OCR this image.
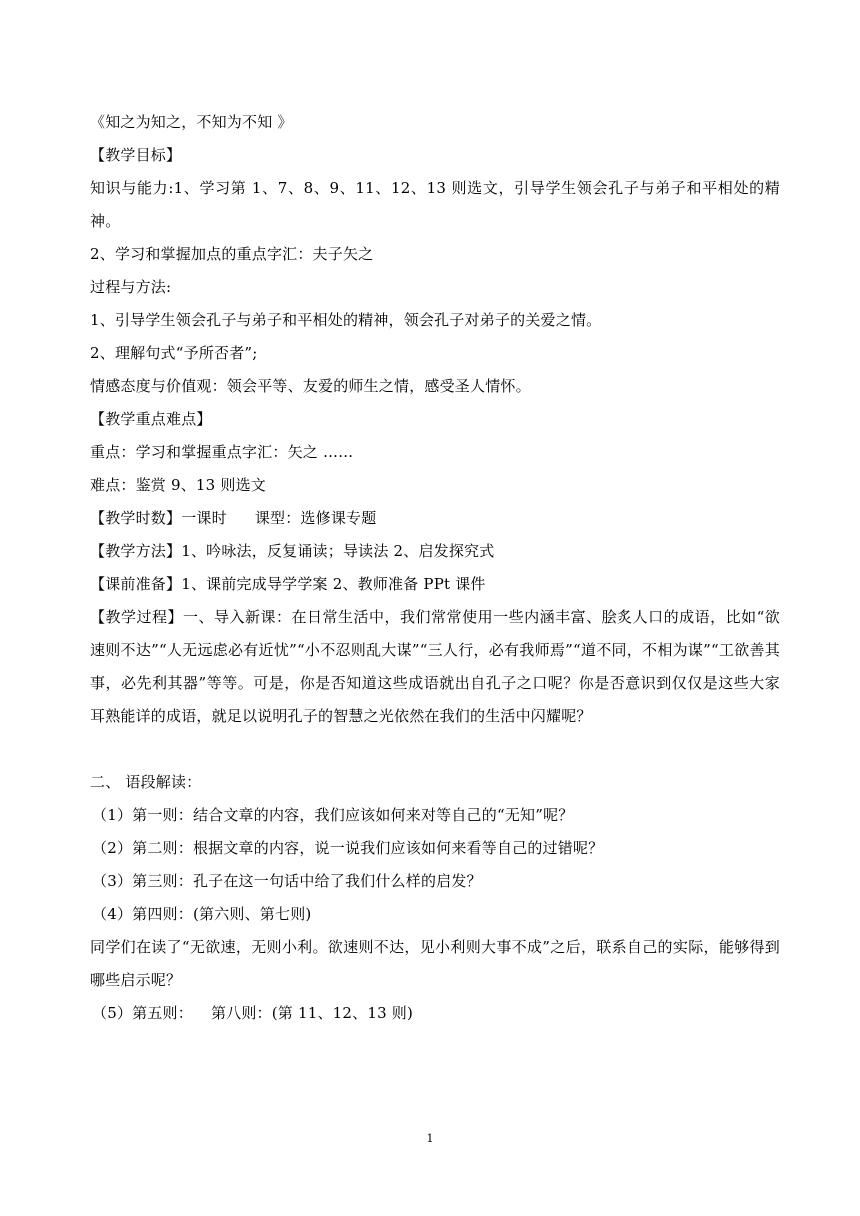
《知之为知之，不知为不知 》
【教学目标】
知识与能力:1、学习第 1、7、8、9、11、12、13 则选文，引导学生领会孔子与弟子和平相处的精神。
2、学习和掌握加点的重点字汇：夫子矢之
过程与方法:
1、引导学生领会孔子与弟子和平相处的精神，领会孔子对弟子的关爱之情。
2、理解句式“予所否者”;
情感态度与价值观：领会平等、友爱的师生之情，感受圣人情怀。
【教学重点难点】
重点：学习和掌握重点字汇：矢之 ……
难点：鉴赏 9、13 则选文
【教学时数】一课时 课型：选修课专题
【教学方法】1、吟咏法，反复诵读；导读法 2、启发探究式
【课前准备】1、课前完成导学学案 2、教师准备 PPt 课件
【教学过程】一、导入新课：在日常生活中，我们常常使用一些内涵丰富、脍炙人口的成语，比如“欲速则不达”“人无远虑必有近忧”“小不忍则乱大谋”“三人行，必有我师焉”“道不同，不相为谋”“工欲善其事，必先利其器”等等。可是，你是否知道这些成语就出自孔子之口呢？你是否意识到仅仅是这些大家耳熟能详的成语，就足以说明孔子的智慧之光依然在我们的生活中闪耀呢？
二、 语段解读：
（1）第一则：结合文章的内容，我们应该如何来对等自己的“无知”呢？
（2）第二则：根据文章的内容，说一说我们应该如何来看等自己的过错呢？
（3）第三则：孔子在这一句话中给了我们什么样的启发？
（4）第四则：(第六则、第七则)
同学们在读了“无欲速，无则小利。欲速则不达，见小利则大事不成”之后，联系自己的实际，能够得到哪些启示呢？
（5）第五则： 第八则：(第 11、12、13 则)
1
